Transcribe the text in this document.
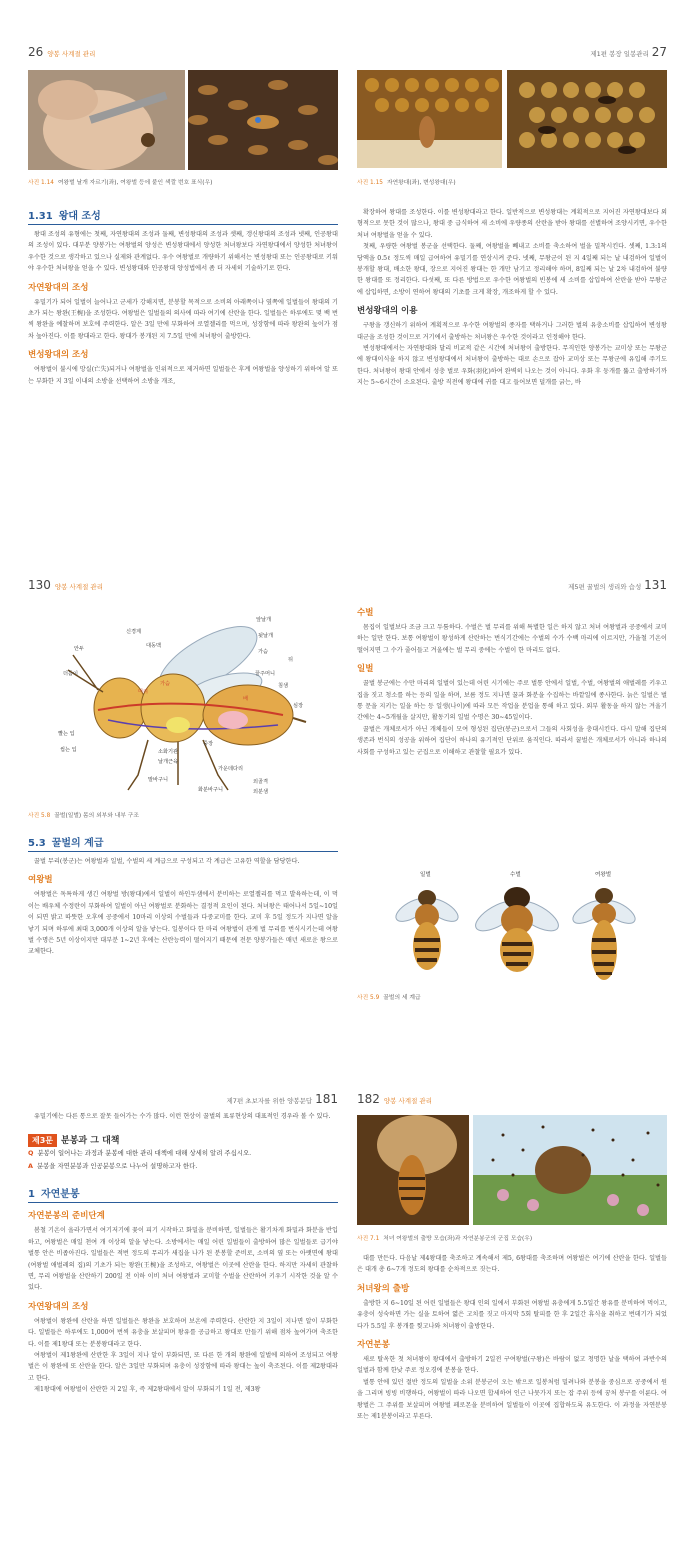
26 양봉 사계절 관리
사진 1.14 여왕벌 날개 자르기(좌), 여왕벌 등에 붙인 색깔 번호 표식(우)
1.31 왕대 조성

왕대 조성의 유형에는 첫째, 자연왕대의 조성과 둘째, 변성왕대의 조성과 셋째, 갱신왕대의 조성과 넷째, 인공왕대의 조성이 있다. 대부분 양봉가는 여왕벌의 양성은 변성왕대에서 양성한 처녀왕보다 자연왕대에서 양성한 처녀왕이 우수한 것으로 생각하고 있으나 실제와 관계없다. 우수 여왕벌로 개량하기 위해서는 변성왕대 또는 인공왕대로 키워야 우수한 처녀왕을 얻을 수 있다. 변성왕대와 인공왕대 양성법에서 좀 더 자세히 기술하기로 한다.

자연왕대의 조성

유밀기가 되어 일벌이 늘어나고 군세가 강해지면, 분봉할 목적으로 소비의 아래쪽이나 옆쪽에 일벌들이 왕대의 기초가 되는 왕완(王椀)을 조성한다. 여왕벌은 일벌들의 의사에 따라 여기에 산란을 한다. 일벌들은 하루에도 몇 백 번씩 왕완을 예찰하며 보호에 주력한다. 알은 3일 만에 부화하여 로열젤리를 먹으며, 성장함에 따라 왕완의 높이가 점차 높아진다. 이를 왕대라고 한다. 왕대가 봉개된 지 7.5일 만에 처녀왕이 출방한다.

변성왕대의 조성

여왕벌이 불시에 망실(亡失)되거나 여왕벌을 인위적으로 제거하면 일벌들은 후계 여왕벌을 양성하기 위하여 알 또는 부화한 지 3일 이내의 소방을 선택하여 소방을 개조,

제1편 봉장 일봉관리 27
사진 1.15 자연왕대(좌), 변성왕대(우)

확장하여 왕대를 조성한다. 이를 변성왕대라고 한다. 일반적으로 변성왕대는 계획적으로 지어진 자연왕대보다 외형적으로 못한 것이 많으나, 왕대 중 급식하여 새 소비에 우량종의 산란을 받아 왕대를 선별하여 조양시키면, 우수한 처녀 여왕벌을 얻을 수 있다.

첫째, 우량한 여왕벌 봉군을 선택한다. 둘째, 여왕벌을 빼내고 소비를 축소하여 벌을 밀착시킨다. 셋째, 1.3:1의 당액을 0.5ℓ 정도씩 매일 급여하여 유밀기를 연상시켜 준다. 넷째, 무왕군이 된 지 4일째 되는 날 내검하여 일벌이 봉개할 왕대, 배소한 왕대, 장으로 지어진 왕대는 한 개만 남기고 정리해야 하며, 8일째 되는 날 2차 내검하여 불량한 왕대를 또 정리한다. 다섯째, 또 다른 방법으로 우수한 여왕벌의 빈봉에 새 소비를 삽입하여 산란을 받아 무왕군에 삽입하면, 소방이 연하여 왕대의 기초를 크게 확장, 개조하게 할 수 있다.

변성왕대의 이용

구왕을 갱신하기 위하여 계획적으로 우수한 여왕벌의 종자를 택하거나 그러한 벌의 유충소비를 삽입하여 변성왕대군을 조성한 것이므로 거기에서 출방하는 처녀왕은 우수한 것이라고 인정해야 한다.

변성왕대에서는 자연왕대와 달리 비교적 같은 시간에 처녀왕이 출방한다. 무직인한 양봉가는 교미상 또는 무왕군에 왕대이식을 하지 않고 변성왕대에서 처녀왕이 출방하는 대로 손으로 잡아 교미상 또는 무왕군에 유입해 주기도 한다. 처녀왕이 왕대 안에서 성충 벌로 우화(羽化)하여 완벽히 나오는 것이 아니다. 우화 후 둥개를 뚫고 출방하기까지는 5~6시간이 소요된다. 출방 직전에 왕대에 귀를 대고 들어보면 덜개를 긁는, 바

130 양봉 사계절 관리
앞날개
뒷날개
신경계
대동맥
가슴
뒤
더듬이
안두
머리
가슴
배
꿀주머니
침샘
심장
빨는 입
씹는 입	소화기관
날개근육
중장
말바구니
가운데다리
화분바구니
외골격
외분샘
사진 5.8 꿀벌(일벌) 몸의 외부와 내부 구조
5.3 꿀벌의 계급

꿀벌 무리(봉군)는 여왕벌과 일벌, 수벌의 세 계급으로 구성되고 각 계급은 고유한 역할을 담당한다.

여왕벌

여왕벌은 독특하게 생긴 여왕벌 방(왕대)에서 일벌이 하인두샘에서 분비하는 로열젤리를 먹고 발육하는데, 이 먹이는 배우체 수정란이 부화하여 일벌이 아닌 여왕벌로 분화하는 결정적 요인이 된다. 처녀왕은 태어나서 5일~10일이 되면 밝고 따뜻한 오후에 공중에서 10마리 이상의 수벌들과 다중교미를 한다. 교미 후 5일 정도가 지나면 알을 낳기 되며 하루에 최대 3,000개 이상의 알을 낳는다. 일봉이다 한 마리 여왕벌이 관계 벌 무리를 번식시키는데 여왕벌 수명은 5년 이상이지만 대부분 1~2년 후에는 산란능력이 떨어지기 때문에 전문 양봉가들은 매년 새로운 왕으로 교체한다.

제5편 꿀벌의 생리와 습성 131
수벌

몸집이 일벌보다 조금 크고 두툼하다. 수벌은 벌 무리를 위해 특별한 일은 하지 않고 처녀 여왕벌과 공중에서 교미하는 일만 한다. 보통 여왕벌이 왕성하게 산란하는 번식기간에는 수벌의 수가 수백 마리에 이르지만, 가을철 기온이 떨어지면 그 수가 줄어들고 겨울에는 벌 무리 중에는 수벌이 한 마리도 없다.

일벌

꿀벌 봉군에는 수만 마리의 일벌이 있는데 어린 시기에는 주로 벌통 안에서 일벌, 수벌, 여왕벌의 애벌레를 키우고 집을 짓고 청소를 하는 등의 일을 하며, 보름 정도 지나면 꿀과 화분을 수집하는 바깥일에 종사한다. 늙은 일벌은 벌통 문을 지키는 일을 하는 등 일생(나이)에 따라 모든 작업을 분업을 통해 하고 있다. 외부 활동을 하지 않는 겨울기간에는 4~5개월을 살지만, 활동기의 일벌 수명은 30~45일이다.

꿀벌은 개체로서가 아닌 개체들이 모여 형성된 집단(봉군)으로서 그들의 사회성을 충대시킨다. 다시 말해 집단의 생존과 번식의 성공을 위하여 집단이 하나의 유기적인 단위로 움직인다. 따라서 꿀벌은 개체로서가 아니라 하나의 사회를 구성하고 있는 군집으로 이해하고 관찰할 필요가 있다.

일벌	수벌	여왕벌
사진 5.9 꿀벌의 세 계급
제7편 초보자를 위한 양봉문답 181

유밀기에는 다른 통으로 잘못 들어가는 수가 많다. 이런 현상이 꿀벌의 표류현상의 대표적인 경우라 볼 수 있다.

제3문 분봉과 그 대책
Q 분봉이 일어나는 과정과 분봉에 대한 관리 대책에 대해 상세히 알려 주십시오.
A 분봉을 자연분봉과 인공분봉으로 나누어 설명하고자 한다.
1 자연분봉
자연분봉의 준비단계

봄철 기온이 올라가면서 여기저기에 꽃이 피기 시작하고 화밀을 분비하면, 일벌들은 활기차게 화밀과 화분을 반입하고, 여왕벌은 매일 천여 개 이상의 알을 낳는다. 소방에서는 매일 어린 일벌들이 출방하여 많은 일벌들로 급기야 벌통 안은 비좁아진다. 일벌들은 적번 정도의 무리가 새집을 나가 된 분봉할 준비로, 소비의 옆 또는 아랫면에 왕대(여왕벌 애벌레의 집)의 기초가 되는 왕완(王椀)을 조성하고, 여왕벌은 이곳에 산란을 한다. 하지만 자세히 관찰하면, 무리 여왕벌을 산란하기 200일 전 이하 이비 처녀 여왕벌과 교미할 수벌을 산란하여 키우기 시작한 것을 알 수 있다.

자연왕대의 조성

여왕벌이 왕완에 산란을 하면 일벌들은 왕완을 보호하며 보온에 주력한다. 산란한 지 3일이 지나면 알이 부화한다. 일벌들은 하루에도 1,000여 번씩 유충을 보살피며 왕유를 공급하고 왕대로 만들기 위해 점차 높여가며 축조한다. 이를 제1왕대 또는 분봉왕대라고 한다.

여왕벌이 제1왕완에 산란한 후 3일이 지나 알이 부화되면, 또 다른 한 개의 왕완에 일벌에 의하여 조성되고 여왕벌은 이 왕완에 또 산란을 한다. 알은 3일만 부화되며 유충이 성장함에 따라 왕대는 높이 축조된다. 이를 제2왕대라고 한다.

제1왕대에 여왕벌이 산란한 지 2일 후, 즉 제2왕대에서 알이 부화되기 1일 전, 제3왕

182 양봉 사계절 관리
사진 7.1 처녀 여왕벌의 출방 모습(좌)과 자연분봉군의 군집 모습(우)

대를 만든다. 다음날 제4왕대를 축조하고 계속해서 제5, 6왕대를 축조하며 여왕벌은 여기에 산란을 한다. 일벌들은 대개 총 6~7개 정도의 왕대를 순차적으로 짓는다.

처녀왕의 출방

출방한 지 6~10일 된 어린 일벌들은 왕대 인의 일에서 부화된 여왕벌 유충에게 5.5일간 왕유를 분비하여 먹이고, 유충이 성숙하면 가는 실을 토하여 엷은 고치를 짓고 마지막 5회 탈피를 한 후 2일간 휴식을 취하고 번데기가 되었다가 5.5일 후 봉개를 찢고나와 처녀왕이 출방한다.

자연분봉

새로 탈옥한 첫 처녀왕이 왕대에서 출방하기 2일전 구여왕벌(구왕)은 바람이 없고 청명한 날을 택하여 과반수의 일벌과 함께 한낮 주로 정오경에 분봉을 한다.

벌통 안에 있던 절반 정도의 일벌을 소위 분봉군이 오는 밖으로 일봉처럼 밀려나와 분봉을 중심으로 공중에서 원을 그리며 빙빙 비행하다, 여왕벌이 따라 나오면 합세하여 인근 나뭇가지 또는 잡 주위 등에 꿍처 봉구를 이룬다. 여왕벌은 그 주위를 보살피며 여왕벌 페로몬을 분비하여 일벌들이 이곳에 집합하도록 유도한다. 이 과정을 자연분봉 또는 제1분봉이라고 부른다.
